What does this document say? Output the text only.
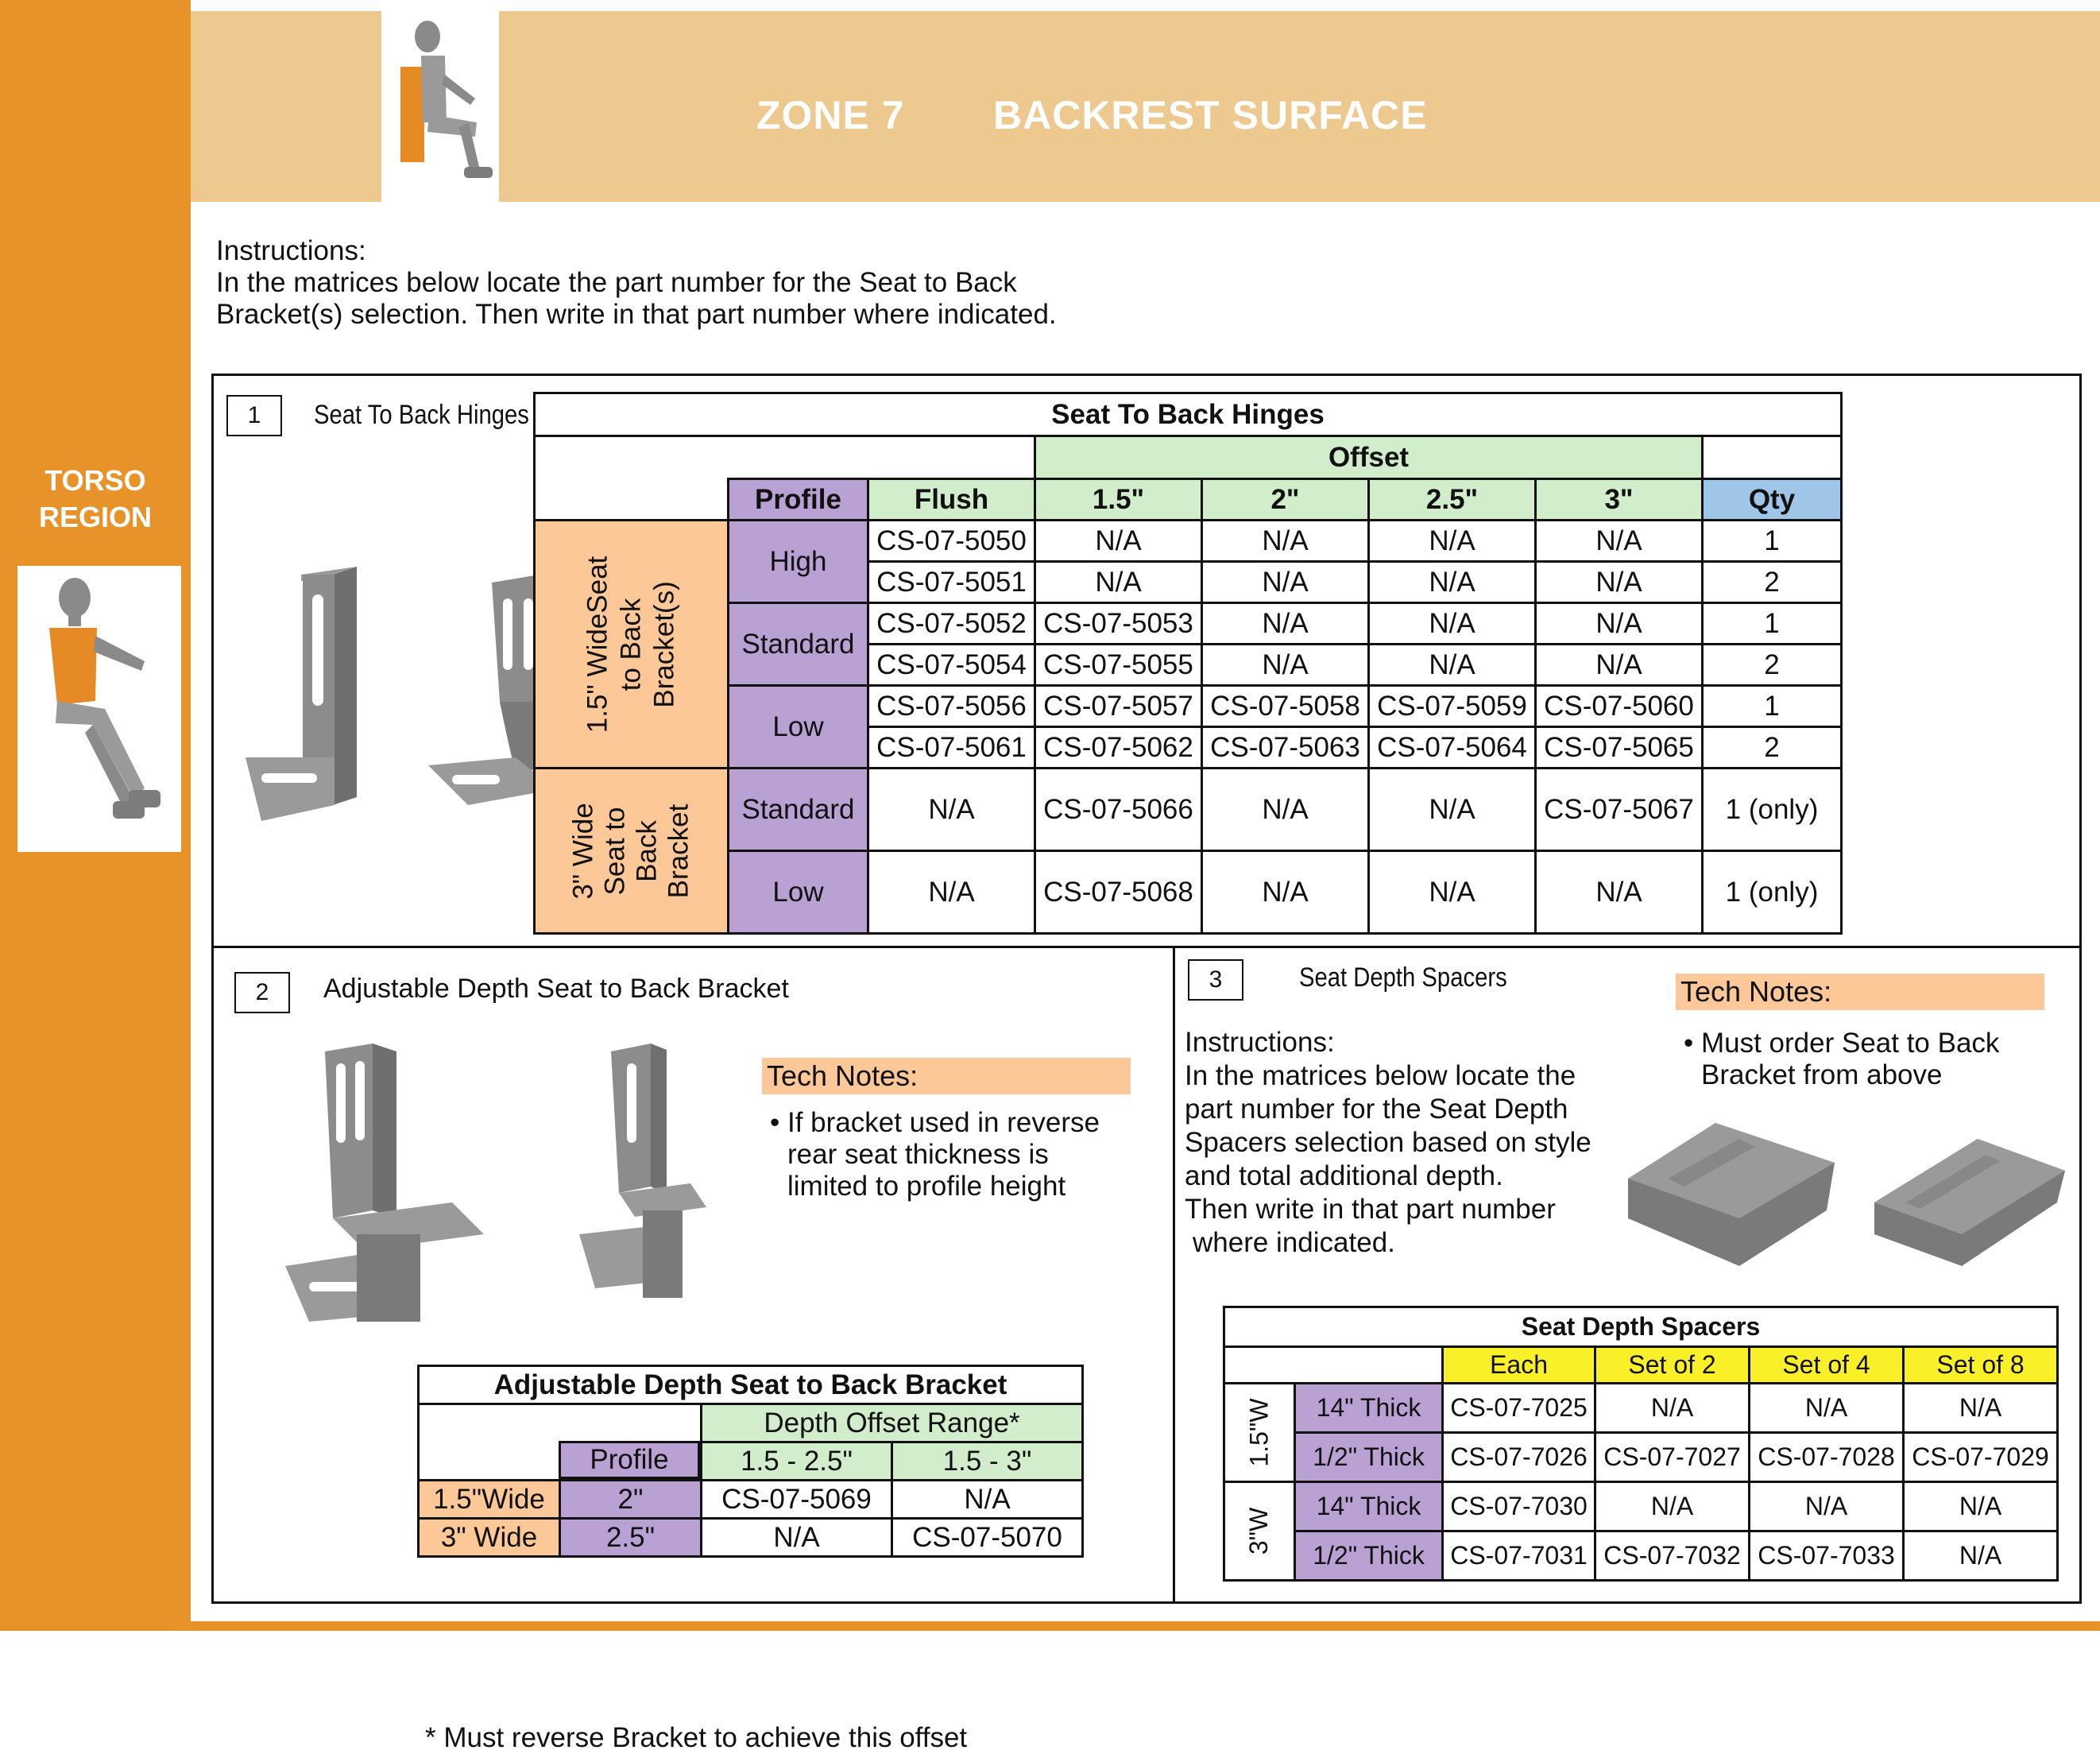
TORSO
REGION
ZONE 7 BACKREST SURFACE
Instructions:
In the matrices below locate the part number for the Seat to Back
Bracket(s) selection. Then write in that part number where indicated.
1	Seat To Back Hinges	Seat To Back Hinges							
			Offset				
	Profile	Flush	1.5"	2"	2.5"	3"	Qty

1.5" WideSeat to Back Bracket(s)	High	CS-07-5050	N/A	N/A	N/A	N/A	1
		CS-07-5051	N/A	N/A	N/A	N/A	2
	Standard	CS-07-5052	CS-07-5053	N/A	N/A	N/A	1
		CS-07-5054	CS-07-5055	N/A	N/A	N/A	2
	Low	CS-07-5056	CS-07-5057	CS-07-5058	CS-07-5059	CS-07-5060	1
		CS-07-5061	CS-07-5062	CS-07-5063	CS-07-5064	CS-07-5065	2

3" Wide Seat to Back Bracket	Standard	N/A	CS-07-5066	N/A	N/A	CS-07-5067	1 (only)
	Low	N/A	CS-07-5068	N/A	N/A	N/A	1 (only)
2	Adjustable Depth Seat to Back Bracket
Tech Notes:
• If bracket used in reverse
rear seat thickness is
limited to profile height
Adjustable Depth Seat to Back Bracket			
		Depth Offset Range*	
		1.5 - 2.5"	1.5 - 3"
1.5"Wide	2"	CS-07-5069	N/A
3" Wide	2.5"	N/A	CS-07-5070
Profile
* Must reverse Bracket to achieve this offset
3	Seat Depth Spacers	Tech Notes:
• Must order Seat to Back
Bracket from above
Instructions:
In the matrices below locate the
part number for the Seat Depth
Spacers selection based on style
and total additional depth.
Then write in that part number
where indicated.
Seat Depth Spacers					
		Each	Set of 2	Set of 4	Set of 8
1.5"W	14" Thick	CS-07-7025	N/A	N/A	N/A
	1/2" Thick	CS-07-7026	CS-07-7027	CS-07-7028	CS-07-7029
3"W	14" Thick	CS-07-7030	N/A	N/A	N/A
	1/2" Thick	CS-07-7031	CS-07-7032	CS-07-7033	N/A
